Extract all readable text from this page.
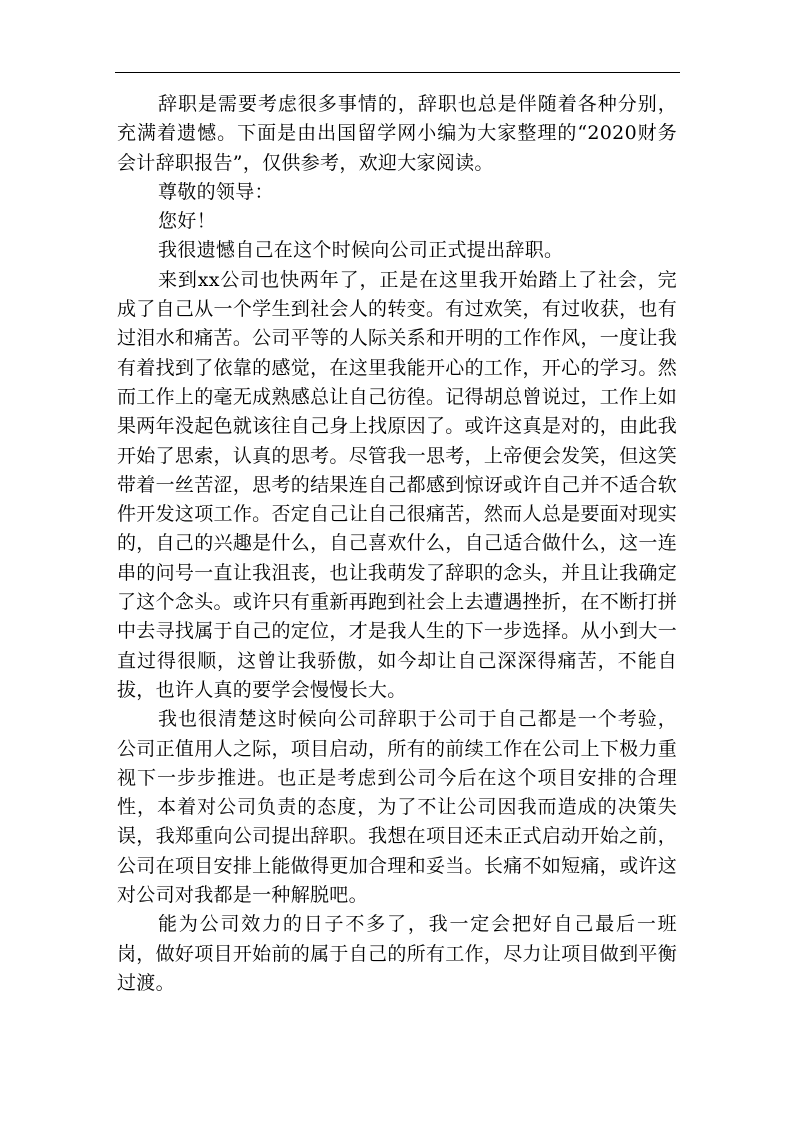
辞职是需要考虑很多事情的，辞职也总是伴随着各种分别，充满着遗憾。下面是由出国留学网小编为大家整理的“2020财务会计辞职报告”，仅供参考，欢迎大家阅读。

尊敬的领导：

您好！

我很遗憾自己在这个时候向公司正式提出辞职。

来到xx公司也快两年了，正是在这里我开始踏上了社会，完成了自己从一个学生到社会人的转变。有过欢笑，有过收获，也有过泪水和痛苦。公司平等的人际关系和开明的工作作风，一度让我有着找到了依靠的感觉，在这里我能开心的工作，开心的学习。然而工作上的毫无成熟感总让自己彷徨。记得胡总曾说过，工作上如果两年没起色就该往自己身上找原因了。或许这真是对的，由此我开始了思索，认真的思考。尽管我一思考，上帝便会发笑，但这笑带着一丝苦涩，思考的结果连自己都感到惊讶或许自己并不适合软件开发这项工作。否定自己让自己很痛苦，然而人总是要面对现实的，自己的兴趣是什么，自己喜欢什么，自己适合做什么，这一连串的问号一直让我沮丧，也让我萌发了辞职的念头，并且让我确定了这个念头。或许只有重新再跑到社会上去遭遇挫折，在不断打拼中去寻找属于自己的定位，才是我人生的下一步选择。从小到大一直过得很顺，这曾让我骄傲，如今却让自己深深得痛苦，不能自拔，也许人真的要学会慢慢长大。

我也很清楚这时候向公司辞职于公司于自己都是一个考验，公司正值用人之际，项目启动，所有的前续工作在公司上下极力重视下一步步推进。也正是考虑到公司今后在这个项目安排的合理性，本着对公司负责的态度，为了不让公司因我而造成的决策失误，我郑重向公司提出辞职。我想在项目还未正式启动开始之前，公司在项目安排上能做得更加合理和妥当。长痛不如短痛，或许这对公司对我都是一种解脱吧。

能为公司效力的日子不多了，我一定会把好自己最后一班岗，做好项目开始前的属于自己的所有工作，尽力让项目做到平衡过渡。
